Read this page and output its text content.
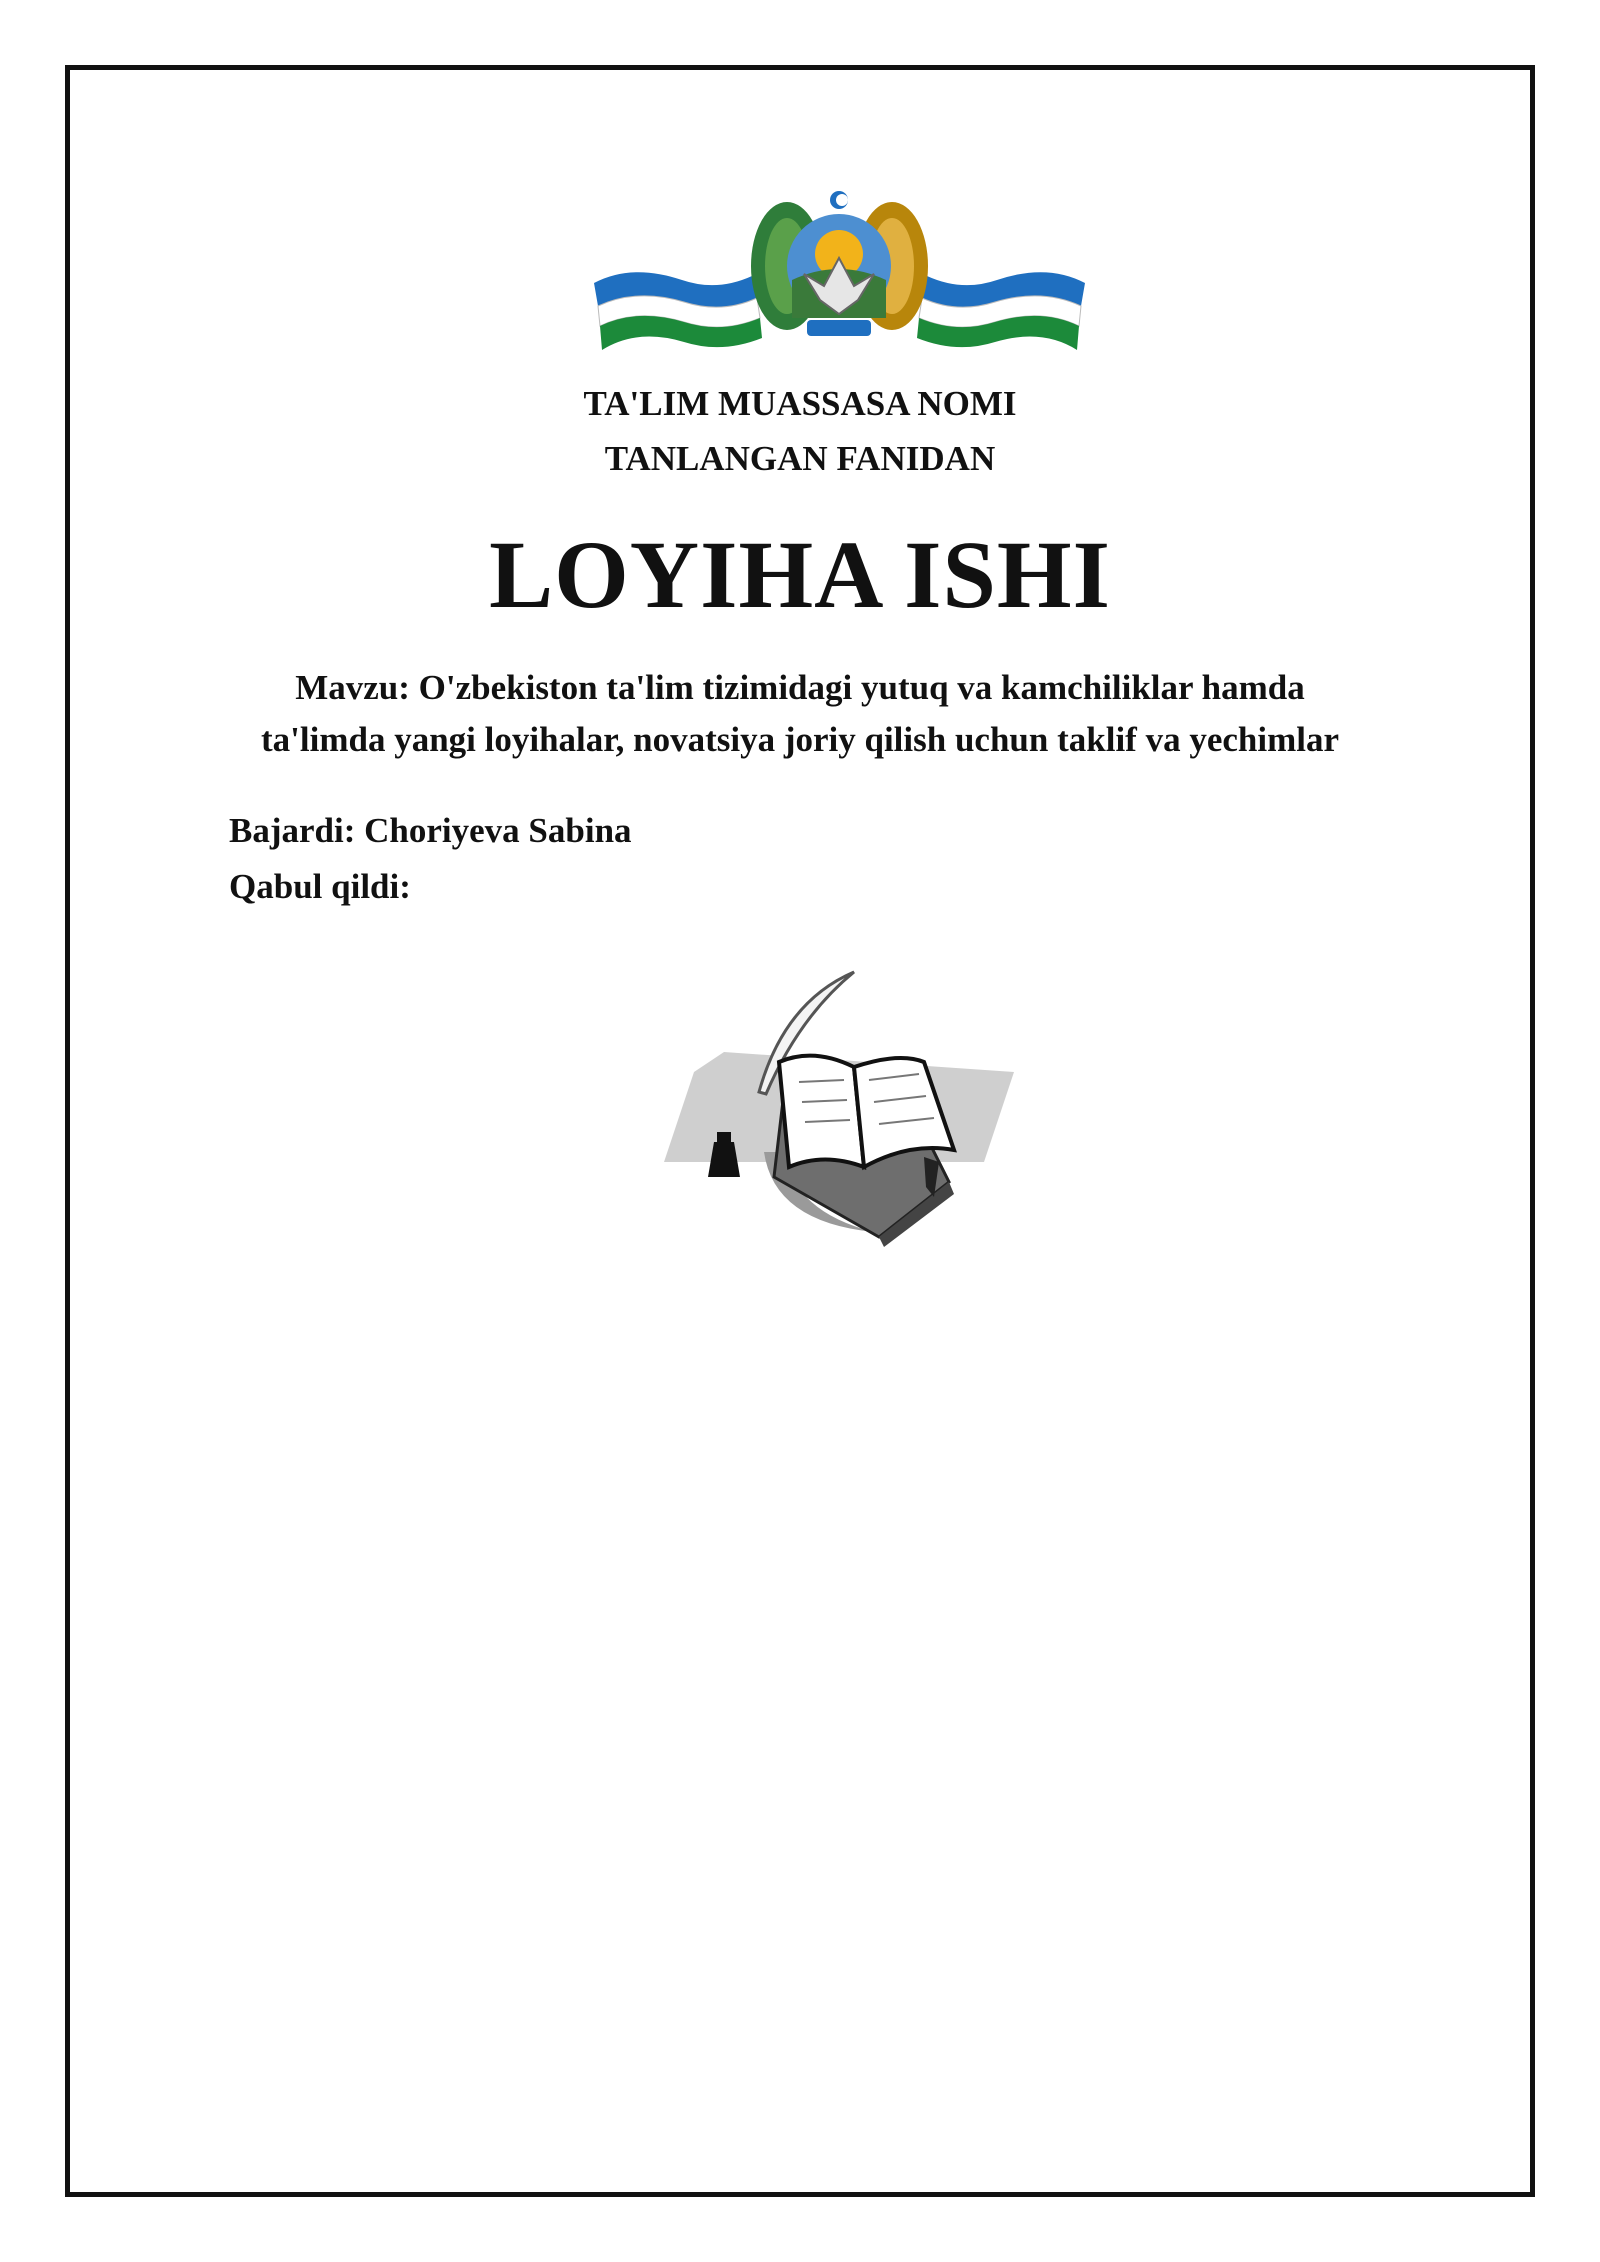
TA'LIM MUASSASA NOMI
TANLANGAN FANIDAN
LOYIHA ISHI
Mavzu: O'zbekiston ta'lim tizimidagi yutuq va kamchiliklar hamda
ta'limda yangi loyihalar, novatsiya joriy qilish uchun taklif va yechimlar
Bajardi: Choriyeva Sabina
Qabul qildi:
